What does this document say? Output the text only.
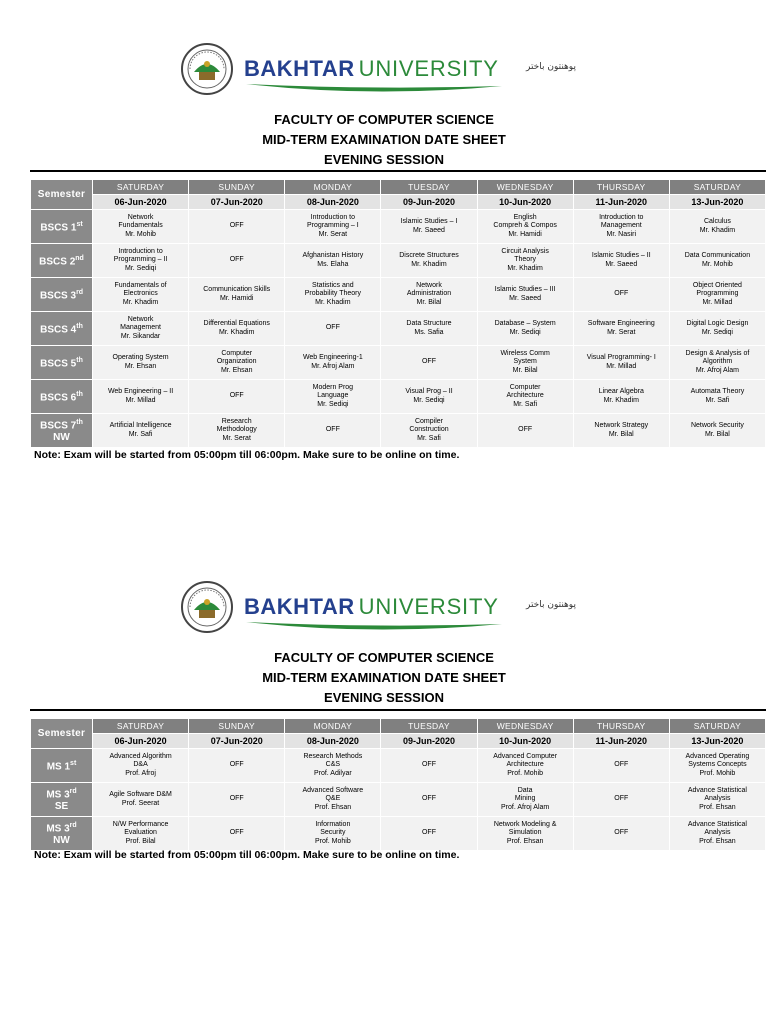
BAKHTAR UNIVERSITY	پوهنتون باختر
FACULTY OF COMPUTER SCIENCE
MID-TERM EXAMINATION DATE SHEET
EVENING SESSION
Semester	SATURDAY	SUNDAY	MONDAY	TUESDAY	WEDNESDAY	THURSDAY	SATURDAY
	06-Jun-2020	07-Jun-2020	08-Jun-2020	09-Jun-2020	10-Jun-2020	11-Jun-2020	13-Jun-2020
BSCS 1st	Network
Fundamentals
Mr. Mohib	OFF	Introduction to
Programming – I
Mr. Serat	Islamic Studies – I
Mr. Saeed	English
Compreh & Compos
Mr. Hamidi	Introduction to
Management
Mr. Nasiri	Calculus
Mr. Khadim
BSCS 2nd	Introduction to
Programming – II
Mr. Sediqi	OFF	Afghanistan History
Ms. Elaha	Discrete Structures
Mr. Khadim	Circuit Analysis
Theory
Mr. Khadim	Islamic Studies – II
Mr. Saeed	Data Communication
Mr. Mohib
BSCS 3rd	Fundamentals of
Electronics
Mr. Khadim	Communication Skills
Mr. Hamidi	Statistics and
Probability Theory
Mr. Khadim	Network
Administration
Mr. Bilal	Islamic Studies – III
Mr. Saeed	OFF	Object Oriented
Programming
Mr. Millad
BSCS 4th	Network
Management
Mr. Sikandar	Differential Equations
Mr. Khadim	OFF	Data Structure
Ms. Safia	Database – System
Mr. Sediqi	Software Engineering
Mr. Serat	Digital Logic Design
Mr. Sediqi
BSCS 5th	Operating System
Mr. Ehsan	Computer
Organization
Mr. Ehsan	Web Engineering-1
Mr. Afroj Alam	OFF	Wireless Comm
System
Mr. Bilal	Visual Programming- I
Mr. Millad	Design & Analysis of
Algorithm
Mr. Afroj Alam
BSCS 6th	Web Engineering – II
Mr. Millad	OFF	Modern Prog
Language
Mr. Sediqi	Visual Prog – II
Mr. Sediqi	Computer
Architecture
Mr. Safi	Linear Algebra
Mr. Khadim	Automata Theory
Mr. Safi
BSCS 7th
NW	Artificial Intelligence
Mr. Safi	Research
Methodology
Mr. Serat	OFF	Compiler
Construction
Mr. Safi	OFF	Network Strategy
Mr. Bilal	Network Security
Mr. Bilal
Note: Exam will be started from 05:00pm till 06:00pm. Make sure to be online on time.
BAKHTAR UNIVERSITY	پوهنتون باختر
FACULTY OF COMPUTER SCIENCE
MID-TERM EXAMINATION DATE SHEET
EVENING SESSION
Semester	SATURDAY	SUNDAY	MONDAY	TUESDAY	WEDNESDAY	THURSDAY	SATURDAY
	06-Jun-2020	07-Jun-2020	08-Jun-2020	09-Jun-2020	10-Jun-2020	11-Jun-2020	13-Jun-2020
MS 1st	Advanced Algorithm
D&A
Prof. Afroj	OFF	Research Methods
C&S
Prof. Adilyar	OFF	Advanced Computer
Architecture
Prof. Mohib	OFF	Advanced Operating
Systems Concepts
Prof. Mohib
MS 3rd
SE	Agile Software D&M
Prof. Seerat	OFF	Advanced Software
Q&E
Prof. Ehsan	OFF	Data
Mining
Prof. Afroj Alam	OFF	Advance Statistical
Analysis
Prof. Ehsan
MS 3rd
NW	N/W Performance
Evaluation
Prof. Bilal	OFF	Information
Security
Prof. Mohib	OFF	Network Modeling &
Simulation
Prof. Ehsan	OFF	Advance Statistical
Analysis
Prof. Ehsan
Note: Exam will be started from 05:00pm till 06:00pm. Make sure to be online on time.
